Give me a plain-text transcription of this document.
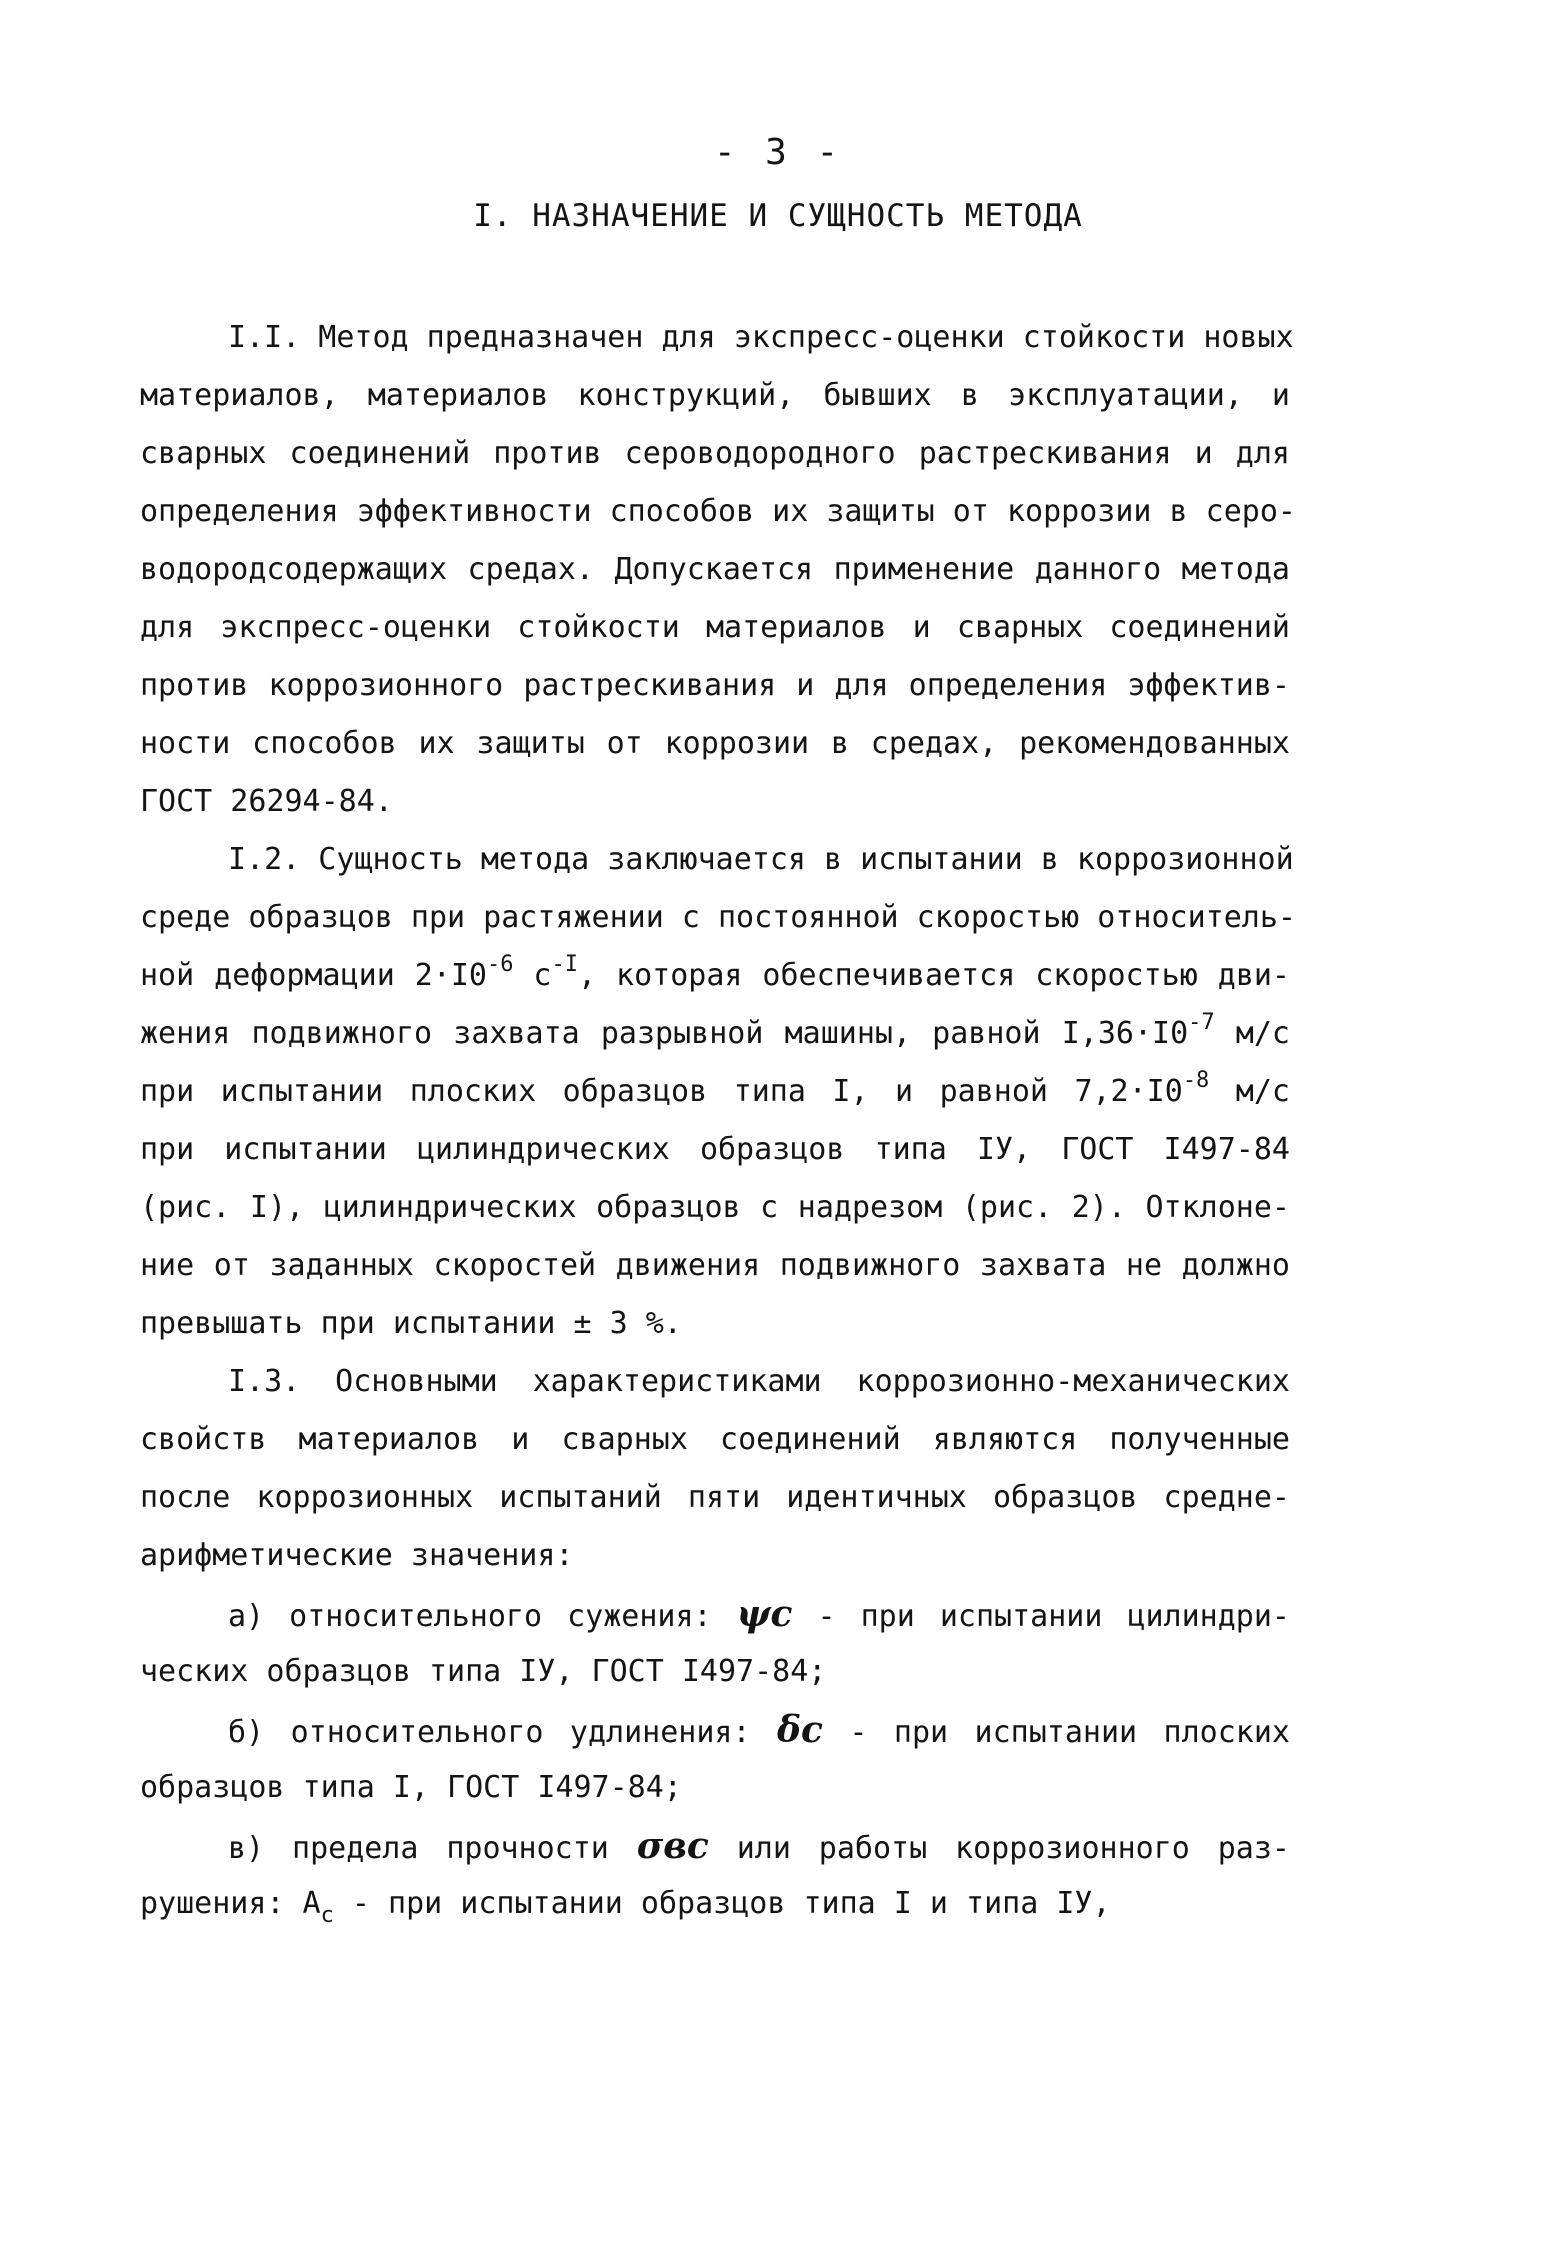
- 3 -
I. НАЗНАЧЕНИЕ И СУЩНОСТЬ МЕТОДА
I.I. Метод предназначен для экспресс-оценки стойкости новых
материалов, материалов конструкций, бывших в эксплуатации, и
сварных соединений против сероводородного растрескивания и для
определения эффективности способов их защиты от коррозии в серо-
водородсодержащих средах. Допускается применение данного метода
для экспресс-оценки стойкости материалов и сварных соединений
против коррозионного растрескивания и для определения эффектив-
ности способов их защиты от коррозии в средах, рекомендованных
ГОСТ 26294-84.
I.2. Сущность метода заключается в испытании в коррозионной
среде образцов при растяжении с постоянной скоростью относитель-
ной деформации $2\cdot I0^{-6}$ $с^{-I}$, которая обеспечивается скоростью дви-
жения подвижного захвата разрывной машины, равной $I,36\cdot I0^{-7}$ м/с
при испытании плоских образцов типа I, и равной $7,2\cdot I0^{-8}$ м/с
при испытании цилиндрических образцов типа IУ, ГОСТ I497-84
(рис. I), цилиндрических образцов с надрезом (рис. 2). Отклоне-
ние от заданных скоростей движения подвижного захвата не должно
превышать при испытании ± 3 %.
I.3. Основными характеристиками коррозионно-механических
свойств материалов и сварных соединений являются полученные
после коррозионных испытаний пяти идентичных образцов средне-
арифметические значения:
а) относительного сужения: ψc - при испытании цилиндри-
ческих образцов типа IУ, ГОСТ I497-84;
б) относительного удлинения: δc - при испытании плоских
образцов типа I, ГОСТ I497-84;
в) предела прочности σвс или работы коррозионного раз-
рушения: $A_c$ - при испытании образцов типа I и типа IУ,
